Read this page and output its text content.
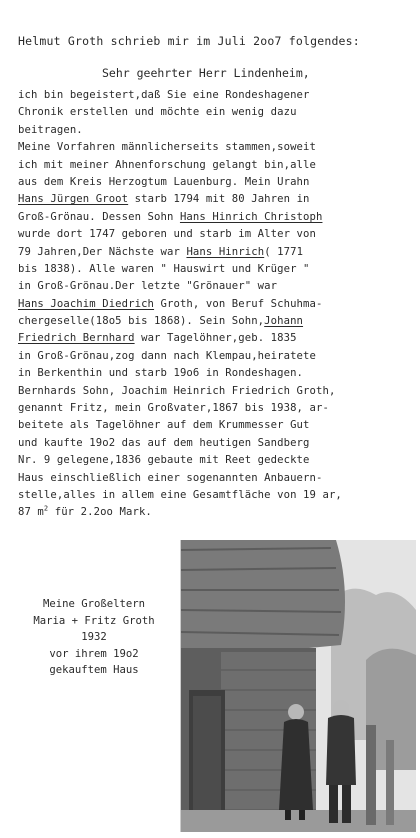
Helmut Groth schrieb mir im Juli 2oo7 folgendes:
Sehr geehrter Herr Lindenheim,
ich bin begeistert,daß Sie eine Rondeshagener
Chronik erstellen und möchte ein wenig dazu
beitragen.
Meine Vorfahren männlicherseits stammen,soweit
ich mit meiner Ahnenforschung gelangt bin,alle
aus dem Kreis Herzogtum Lauenburg. Mein Urahn
Hans Jürgen Groot starb 1794 mit 80 Jahren in
Groß-Grönau. Dessen Sohn Hans Hinrich Christoph
wurde dort 1747 geboren und starb im Alter von
79 Jahren,Der Nächste war Hans Hinrich( 1771
bis 1838). Alle waren " Hauswirt und Krüger "
in Groß-Grönau.Der letzte "Grönauer" war
Hans Joachim Diedrich Groth, von Beruf Schuhma-
chergeselle(18o5 bis 1868). Sein Sohn,Johann
Friedrich Bernhard war Tagelöhner,geb. 1835
in Groß-Grönau,zog dann nach Klempau,heiratete
in Berkenthin und starb 19o6 in Rondeshagen.
Bernhards Sohn, Joachim Heinrich Friedrich Groth,
genannt Fritz, mein Großvater,1867 bis 1938, ar-
beitete als Tagelöhner auf dem Krummesser Gut
und kaufte 19o2 das auf dem heutigen Sandberg
Nr. 9 gelegene,1836 gebaute mit Reet gedeckte
Haus einschließlich einer sogenannten Anbauern-
stelle,alles in allem eine Gesamtfläche von 19 ar,
87 $m^2$ für 2.2oo Mark.
Meine Großeltern
Maria + Fritz Groth
1932
vor ihrem 19o2
gekauftem Haus
